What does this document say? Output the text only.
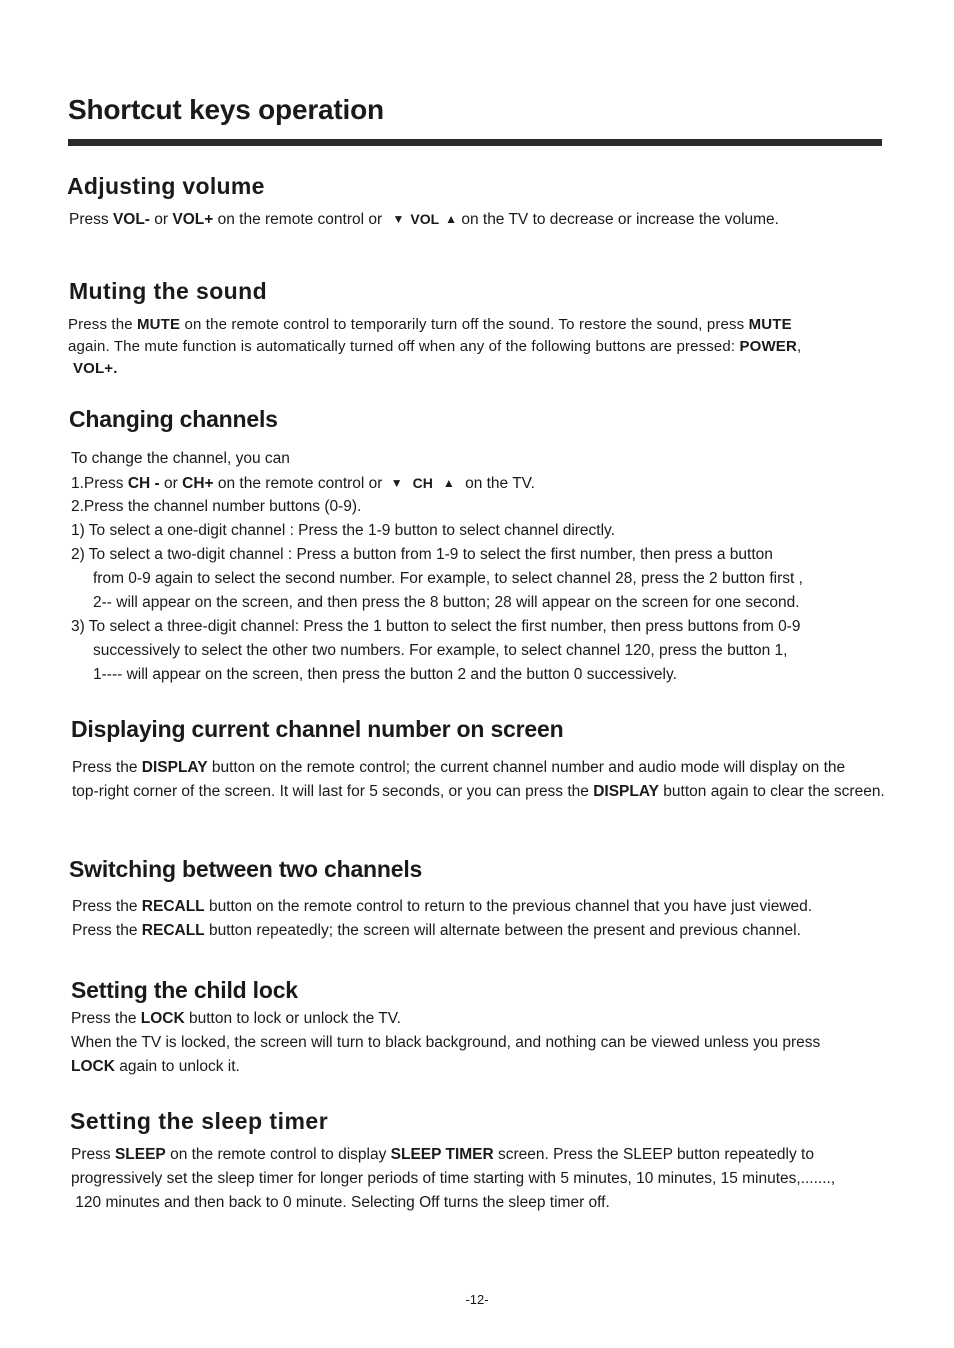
Shortcut keys operation
Adjusting volume
Press VOL- or VOL+ on the remote control or ▼ VOL ▲ on the TV to decrease or increase the volume.
Muting the sound
Press the MUTE on the remote control to temporarily turn off the sound. To restore the sound, press MUTE
again. The mute function is automatically turned off when any of the following buttons are pressed: POWER,
VOL+.
Changing channels
To change the channel, you can
1.Press CH - or CH+ on the remote control or ▼ CH ▲ on the TV.
2.Press the channel number buttons (0-9).
1) To select a one-digit channel : Press the 1-9 button to select channel directly.
2) To select a two-digit channel : Press a button from 1-9 to select the first number, then press a button
from 0-9 again to select the second number. For example, to select channel 28, press the 2 button first ,
2-- will appear on the screen, and then press the 8 button; 28 will appear on the screen for one second.
3) To select a three-digit channel: Press the 1 button to select the first number, then press buttons from 0-9
successively to select the other two numbers. For example, to select channel 120, press the button 1,
1---- will appear on the screen, then press the button 2 and the button 0 successively.
Displaying current channel number on screen
Press the DISPLAY button on the remote control; the current channel number and audio mode will display on the
top-right corner of the screen. It will last for 5 seconds, or you can press the DISPLAY button again to clear the screen.
Switching between two channels
Press the RECALL button on the remote control to return to the previous channel that you have just viewed.
Press the RECALL button repeatedly; the screen will alternate between the present and previous channel.
Setting the child lock
Press the LOCK button to lock or unlock the TV.
When the TV is locked, the screen will turn to black background, and nothing can be viewed unless you press
LOCK again to unlock it.
Setting the sleep timer
Press SLEEP on the remote control to display SLEEP TIMER screen. Press the SLEEP button repeatedly to
progressively set the sleep timer for longer periods of time starting with 5 minutes, 10 minutes, 15 minutes,.......,
120 minutes and then back to 0 minute. Selecting Off turns the sleep timer off.
-12-
